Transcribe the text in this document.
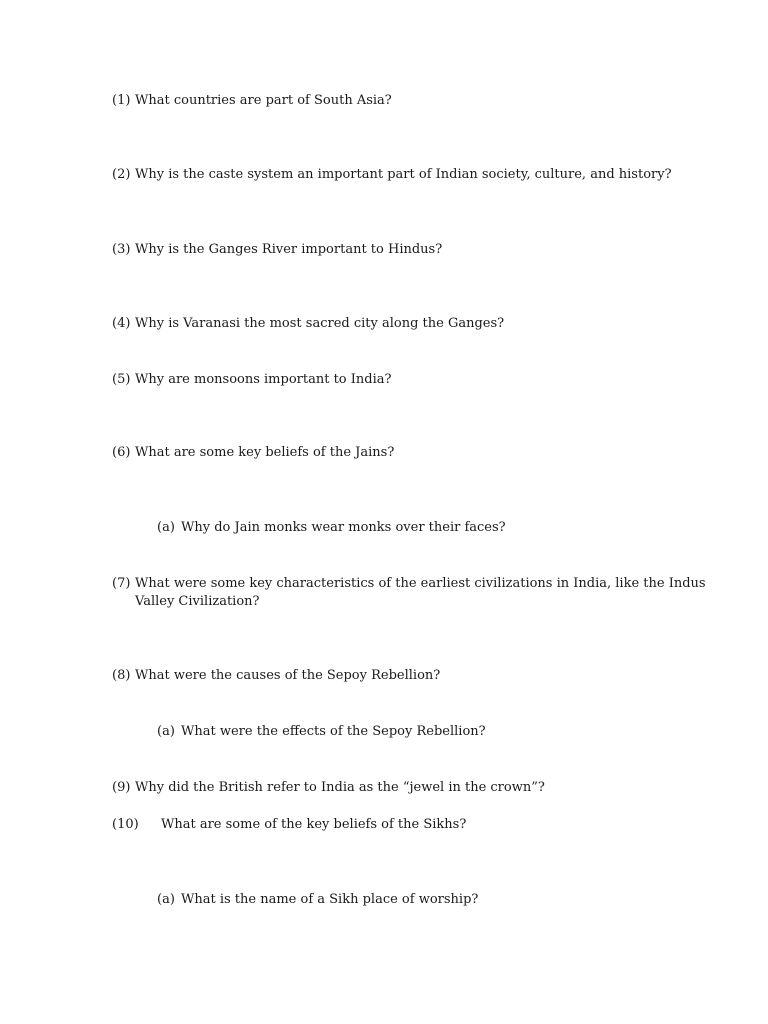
(1) What countries are part of South Asia?
(2) Why is the caste system an important part of Indian society, culture, and history?
(3) Why is the Ganges River important to Hindus?
(4) Why is Varanasi the most sacred city along the Ganges?
(5) Why are monsoons important to India?
(6) What are some key beliefs of the Jains?
(a) Why do Jain monks wear monks over their faces?
(7) What were some key characteristics of the earliest civilizations in India, like the Indus
Valley Civilization?
(8) What were the causes of the Sepoy Rebellion?
(a) What were the effects of the Sepoy Rebellion?
(9) Why did the British refer to India as the “jewel in the crown”?
(10) What are some of the key beliefs of the Sikhs?
(a) What is the name of a Sikh place of worship?
